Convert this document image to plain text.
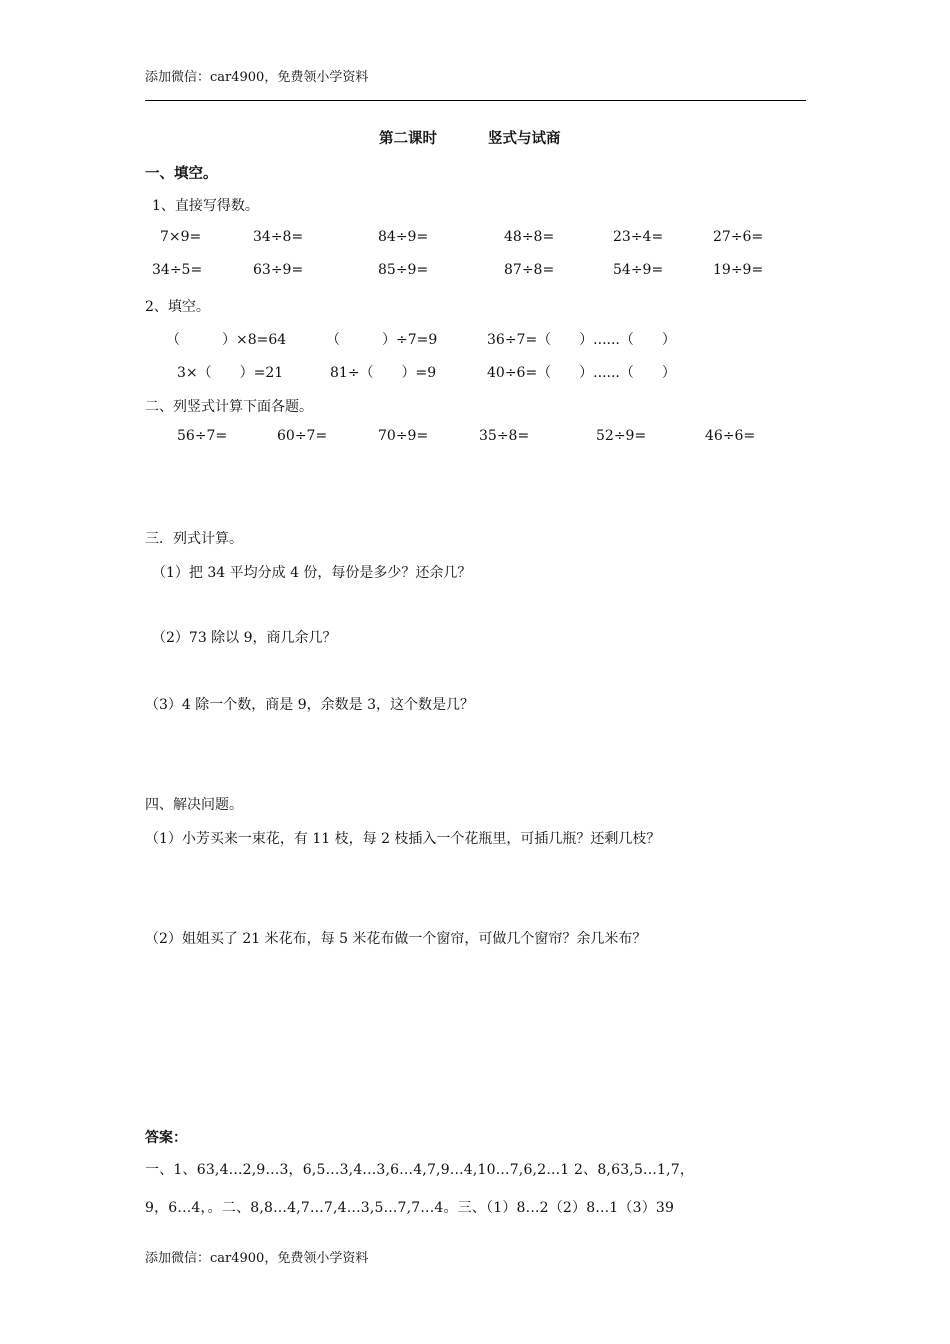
添加微信：car4900，免费领小学资料
第二课时	竖式与试商
一、填空。
1、直接写得数。
7×9=	34÷8=	84÷9=	48÷8=	23÷4=	27÷6=
34÷5=	63÷9=	85÷9=	87÷8=	54÷9=	19÷9=
2、填空。
（　　　）×8=64	（　　　）÷7=9	36÷7=（　　）......（　　）
3×（　　）=21	81÷（　　）=9	40÷6=（　　）......（　　）
二、列竖式计算下面各题。
56÷7=	60÷7=	70÷9=	35÷8=	52÷9=	46÷6=
三．列式计算。
（1）把 34 平均分成 4 份，每份是多少？还余几？
（2）73 除以 9，商几余几？
（3）4 除一个数，商是 9，余数是 3，这个数是几？
四、解决问题。
（1）小芳买来一束花，有 11 枝，每 2 枝插入一个花瓶里，可插几瓶？还剩几枝？
（2）姐姐买了 21 米花布，每 5 米花布做一个窗帘，可做几个窗帘？余几米布？
答案：
一、1、63,4...2,9...3，6,5...3,4...3,6...4,7,9...4,10...7,6,2...1 2、8,63,5...1,7，
9，6...4，。二、8,8...4,7...7,4...3,5...7,7...4。三、（1）8...2（2）8...1（3）39
添加微信：car4900，免费领小学资料
